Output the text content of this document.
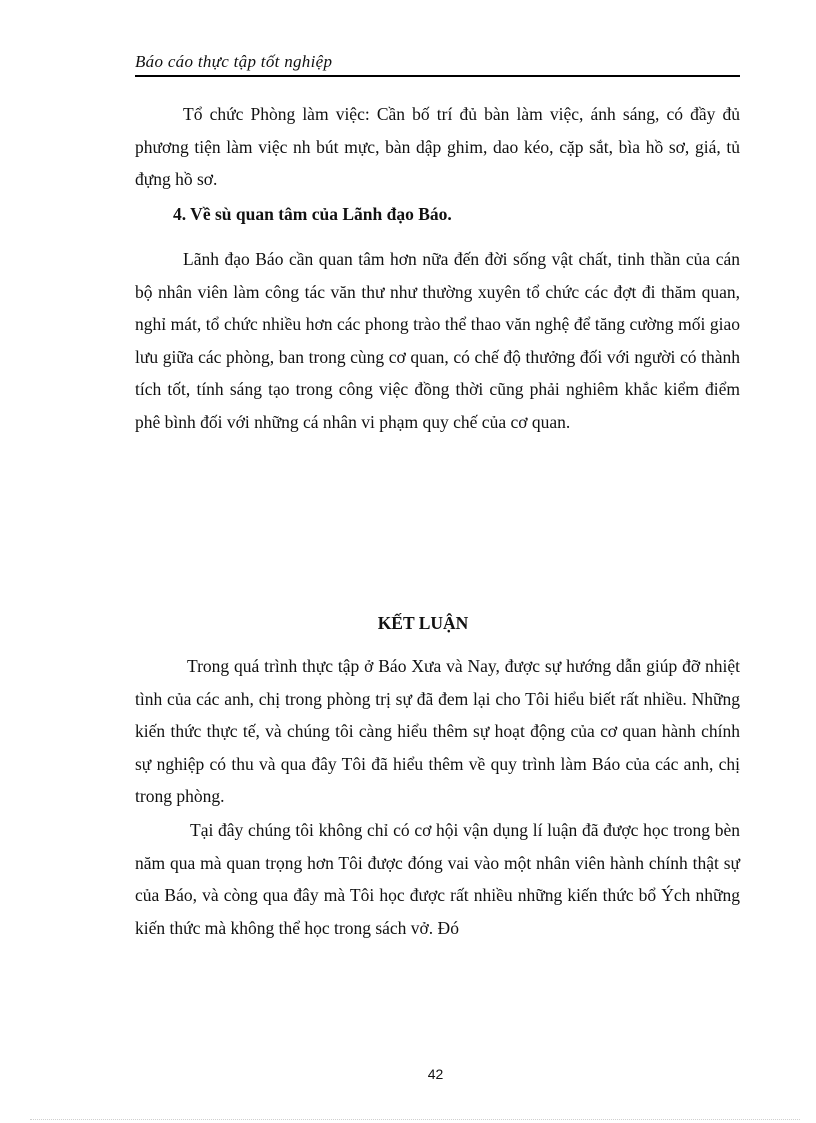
Báo cáo thực tập tốt nghiệp

Tổ chức Phòng làm việc: Cần bố trí đủ bàn làm việc, ánh sáng, có đầy đủ phương tiện làm việc nh bút mực, bàn dập ghim, dao kéo, cặp sắt, bìa hồ sơ, giá, tủ đựng hồ sơ.

4. Về sù quan tâm của Lãnh đạo Báo.

Lãnh đạo Báo cần quan tâm hơn nữa đến đời sống vật chất, tinh thần của cán bộ nhân viên làm công tác văn thư như thường xuyên tổ chức các đợt đi thăm quan, nghỉ mát, tổ chức nhiều hơn các phong trào thể thao văn nghệ để tăng cường mối giao lưu giữa các phòng, ban trong cùng cơ quan, có chế độ thưởng đối với người có thành tích tốt, tính sáng tạo trong công việc đồng thời cũng phải nghiêm khắc kiểm điểm phê bình đối với những cá nhân vi phạm quy chế của cơ quan.

KẾT LUẬN

Trong quá trình thực tập ở Báo Xưa và Nay, được sự hướng dẫn giúp đỡ nhiệt tình của các anh, chị trong phòng trị sự đã đem lại cho Tôi hiểu biết rất nhiều. Những kiến thức thực tế, và chúng tôi càng hiểu thêm sự hoạt động của cơ quan hành chính sự nghiệp có thu và qua đây Tôi đã hiểu thêm về quy trình làm Báo của các anh, chị trong phòng.

Tại đây chúng tôi không chỉ có cơ hội vận dụng lí luận đã được học trong bèn năm qua mà quan trọng hơn Tôi được đóng vai vào một nhân viên hành chính thật sự của Báo, và còng qua đây mà Tôi học được rất nhiều những kiến thức bổ Ých những kiến thức mà không thể học trong sách vở. Đó

42
